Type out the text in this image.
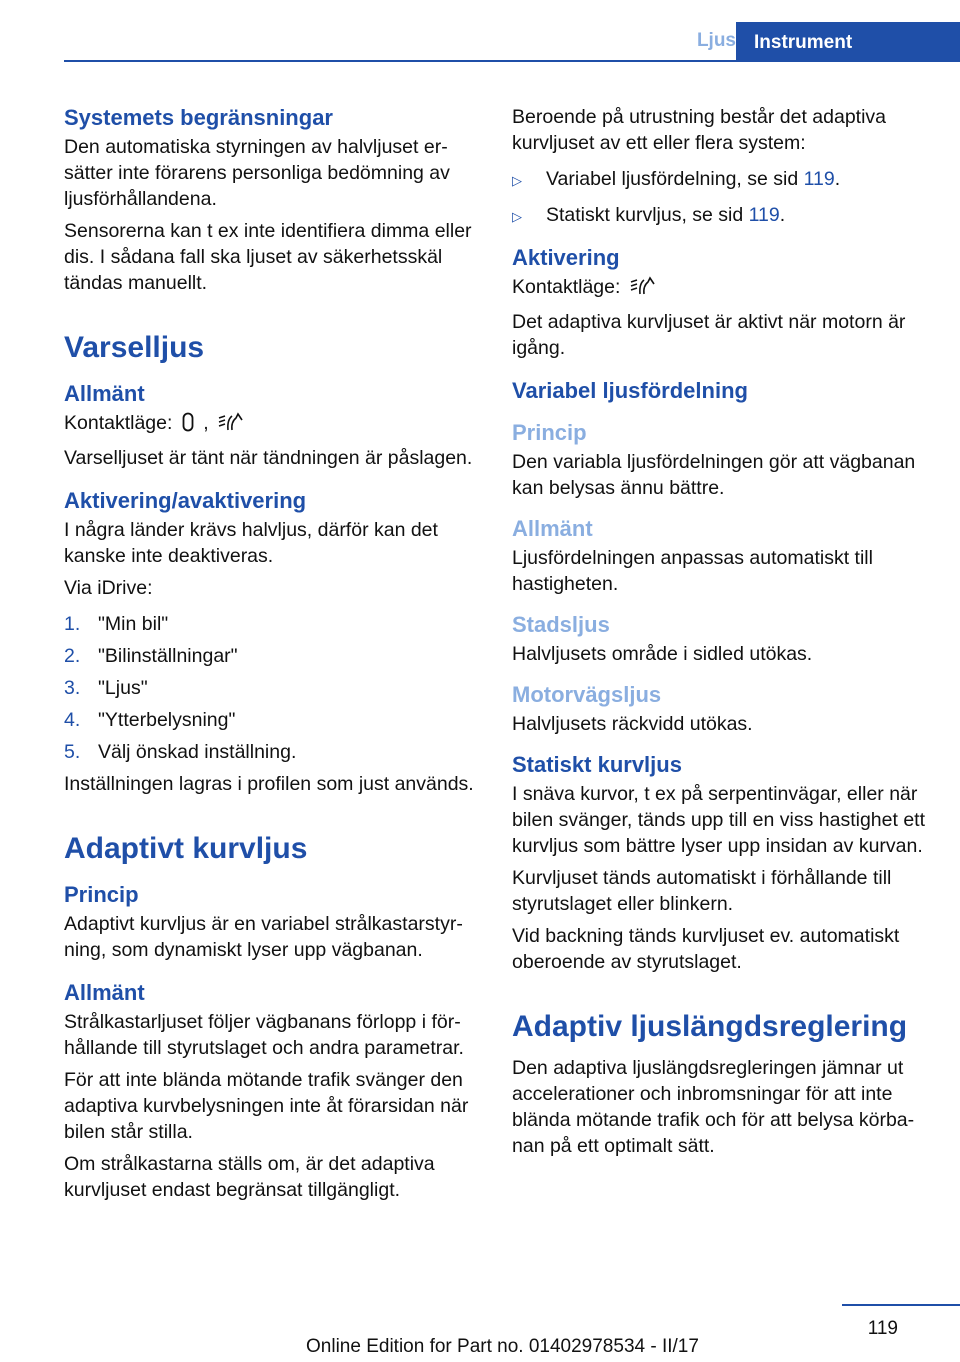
Ljus Instrument
Systemets begränsningar

Den automatiska styrningen av halvljuset er-sätter inte förarens personliga bedömning av ljusförhållandena.

Sensorerna kan t ex inte identifiera dimma eller dis. I sådana fall ska ljuset av säkerhetsskäl tändas manuellt.

Varselljus
Allmänt

Kontaktläge: ,

Varselljuset är tänt när tändningen är påslagen.

Aktivering/avaktivering

I några länder krävs halvljus, därför kan det kanske inte deaktiveras.

Via iDrive:

1. "Min bil"
2. "Bilinställningar"
3. "Ljus"
4. "Ytterbelysning"
5. Välj önskad inställning.

Inställningen lagras i profilen som just används.

Adaptivt kurvljus
Princip

Adaptivt kurvljus är en variabel strålkastarstyr-ning, som dynamiskt lyser upp vägbanan.

Allmänt

Strålkastarljuset följer vägbanans förlopp i för-hållande till styrutslaget och andra parametrar.

För att inte blända mötande trafik svänger den adaptiva kurvbelysningen inte åt förarsidan när bilen står stilla.

Om strålkastarna ställs om, är det adaptiva kurvljuset endast begränsat tillgängligt.

Beroende på utrustning består det adaptiva kurvljuset av ett eller flera system:

▷	Variabel ljusfördelning, se sid 119.
▷	Statiskt kurvljus, se sid 119.
Aktivering

Kontaktläge:

Det adaptiva kurvljuset är aktivt när motorn är igång.

Variabel ljusfördelning
Princip

Den variabla ljusfördelningen gör att vägbanan kan belysas ännu bättre.

Allmänt

Ljusfördelningen anpassas automatiskt till hastigheten.

Stadsljus

Halvljusets område i sidled utökas.

Motorvägsljus

Halvljusets räckvidd utökas.

Statiskt kurvljus

I snäva kurvor, t ex på serpentinvägar, eller när bilen svänger, tänds upp till en viss hastighet ett kurvljus som bättre lyser upp insidan av kurvan.

Kurvljuset tänds automatiskt i förhållande till styrutslaget eller blinkern.

Vid backning tänds kurvljuset ev. automatiskt oberoende av styrutslaget.

Adaptiv ljuslängdsreglering

Den adaptiva ljuslängdsregleringen jämnar ut accelerationer och inbromsningar för att inte blända mötande trafik och för att belysa körba-nan på ett optimalt sätt.

119
Online Edition for Part no. 01402978534 - II/17
